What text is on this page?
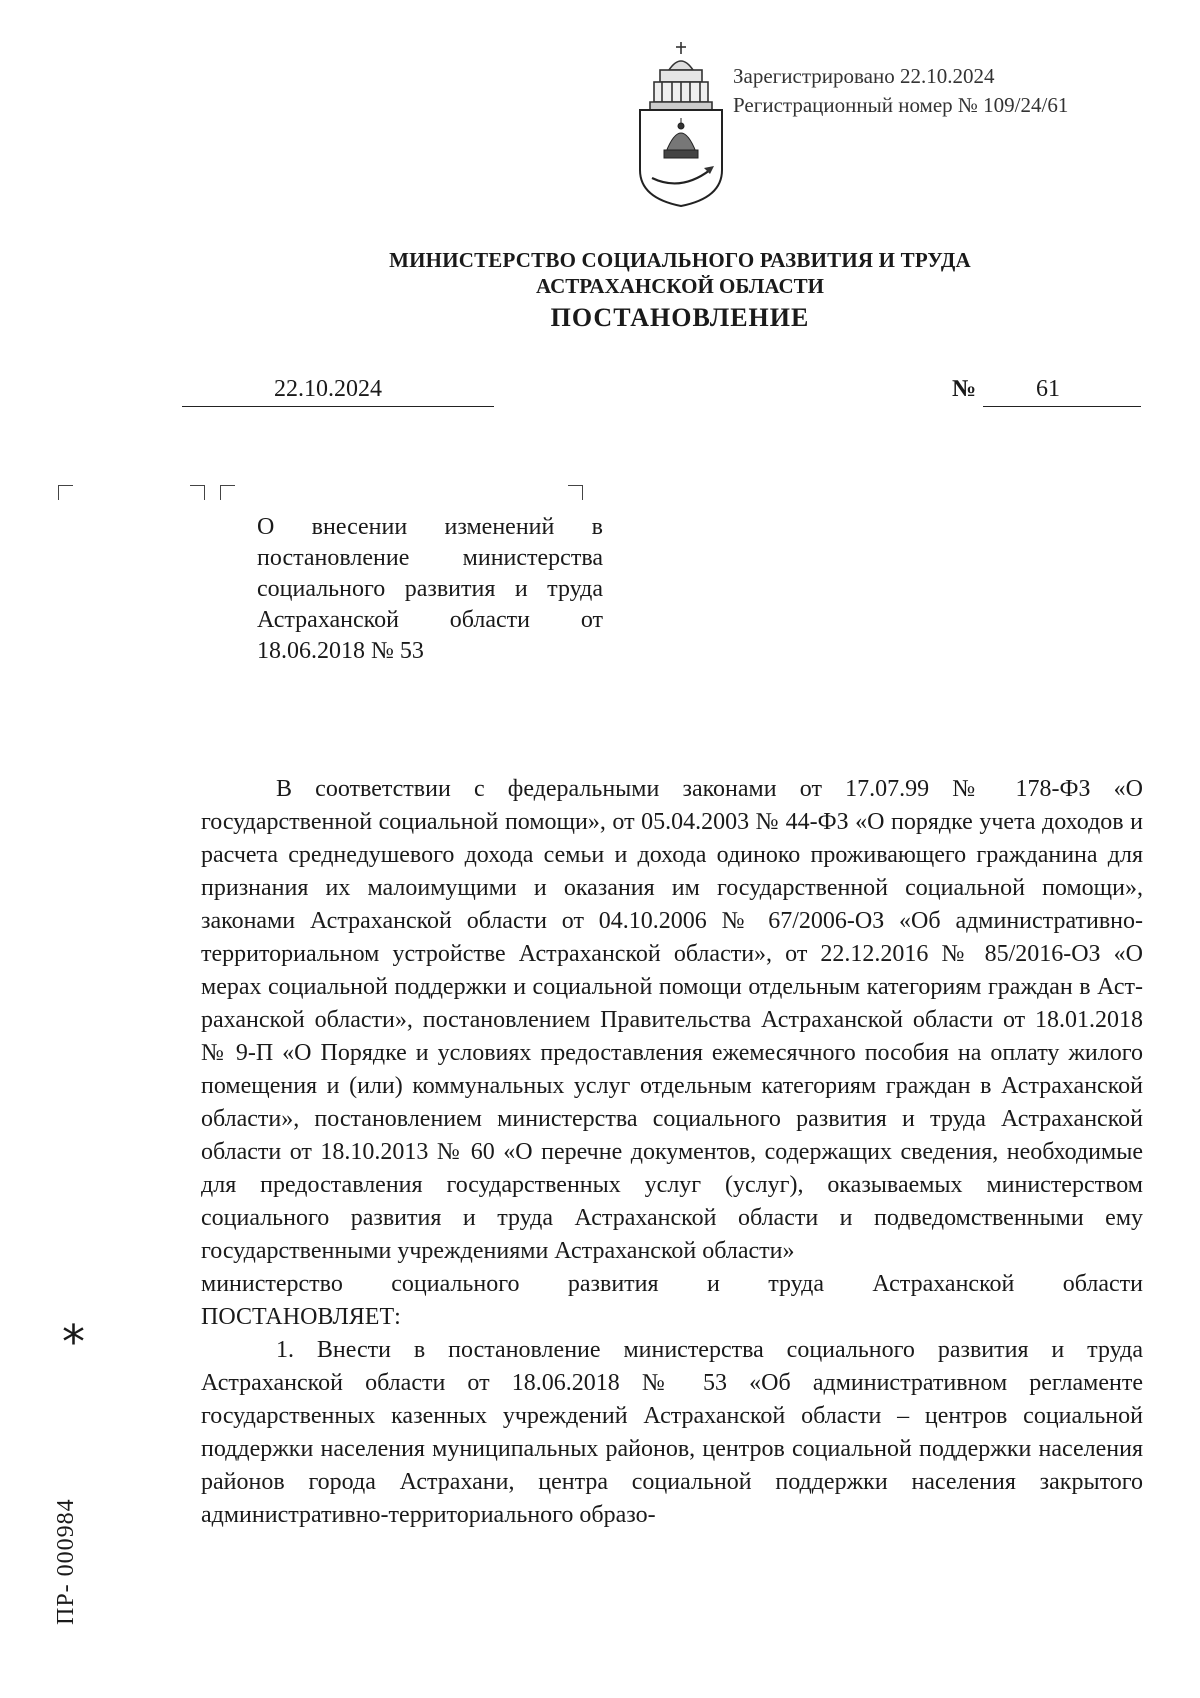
Зарегистрировано 22.10.2024
Регистрационный номер № 109/24/61
МИНИСТЕРСТВО СОЦИАЛЬНОГО РАЗВИТИЯ И ТРУДА
АСТРАХАНСКОЙ ОБЛАСТИ
ПОСТАНОВЛЕНИЕ
22.10.2024	№ 61
О внесении изменений в постановление министерства социального развития и труда Астраханской области от 18.06.2018 № 53

В соответствии с федеральными законами от 17.07.99 № 178-ФЗ «О государственной социальной помощи», от 05.04.2003 № 44-ФЗ «О порядке учета доходов и расчета среднедушевого дохода семьи и дохода одиноко проживающего гражданина для признания их малоимущими и оказания им государственной социальной помощи», законами Астраханской области от 04.10.2006 № 67/2006-ОЗ «Об административно-территориальном устройстве Астраханской области», от 22.12.2016 № 85/2016-ОЗ «О мерах социальной поддержки и социальной помощи отдельным категориям граждан в Астраханской области», постановлением Правительства Астраханской области от 18.01.2018 № 9-П «О Порядке и условиях предоставления ежемесячного пособия на оплату жилого помещения и (или) коммунальных услуг отдельным категориям граждан в Астраханской области», постановлением министерства социального развития и труда Астраханской области от 18.10.2013 № 60 «О перечне документов, содержащих сведения, необходимые для предоставления государственных услуг (услуг), оказываемых министерством социального развития и труда Астраханской области и подведомственными ему государственными учреждениями Астраханской области»

министерство социального развития и труда Астраханской области

ПОСТАНОВЛЯЕТ:

1. Внести в постановление министерства социального развития и труда Астраханской области от 18.06.2018 № 53 «Об административном регламенте государственных казенных учреждений Астраханской области – центров социальной поддержки населения муниципальных районов, центров социальной поддержки населения районов города Астрахани, центра социальной поддержки населения закрытого административно-территориального образо-

*
ПР- 000984
